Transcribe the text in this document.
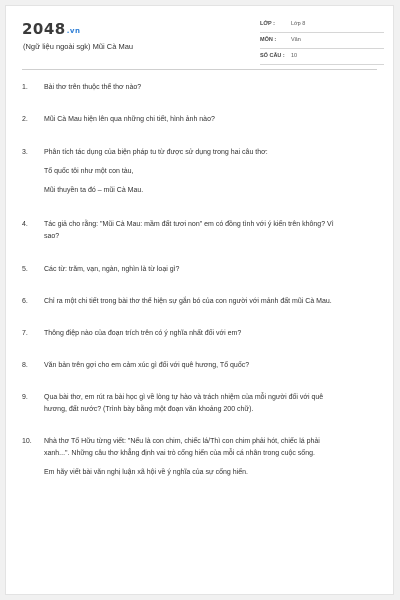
2048.vn
(Ngữ liệu ngoài sgk) Mũi Cà Mau
LỚP :	Lớp 8
MÔN :	Văn
SỐ CÂU : 10
1.	Bài thơ trên thuộc thể thơ nào?
2.	Mũi Cà Mau hiện lên qua những chi tiết, hình ảnh nào?
3.	Phân tích tác dụng của biện pháp tu từ được sử dụng trong hai câu thơ:
Tổ quốc tôi như một con tàu,
Mũi thuyền ta đó – mũi Cà Mau.
4.	Tác giả cho rằng: "Mũi Cà Mau: mầm đất tươi non" em có đồng tình với ý kiến trên không? Vì
sao?
5.	Các từ: trăm, vạn, ngàn, nghìn là từ loại gì?
6.	Chỉ ra một chi tiết trong bài thơ thể hiện sự gắn bó của con người với mảnh đất mũi Cà Mau.
7.	Thông điệp nào của đoạn trích trên có ý nghĩa nhất đối với em?
8.	Văn bản trên gợi cho em cảm xúc gì đối với quê hương, Tổ quốc?
9.	Qua bài thơ, em rút ra bài học gì về lòng tự hào và trách nhiệm của mỗi người đối với quê
hương, đất nước? (Trình bày bằng một đoạn văn khoảng 200 chữ).
10.	Nhà thơ Tố Hữu từng viết: "Nếu là con chim, chiếc lá/Thì con chim phải hót, chiếc lá phải
xanh...". Những câu thơ khẳng định vai trò cống hiến của mỗi cá nhân trong cuộc sống.
Em hãy viết bài văn nghị luận xã hội về ý nghĩa của sự cống hiến.
